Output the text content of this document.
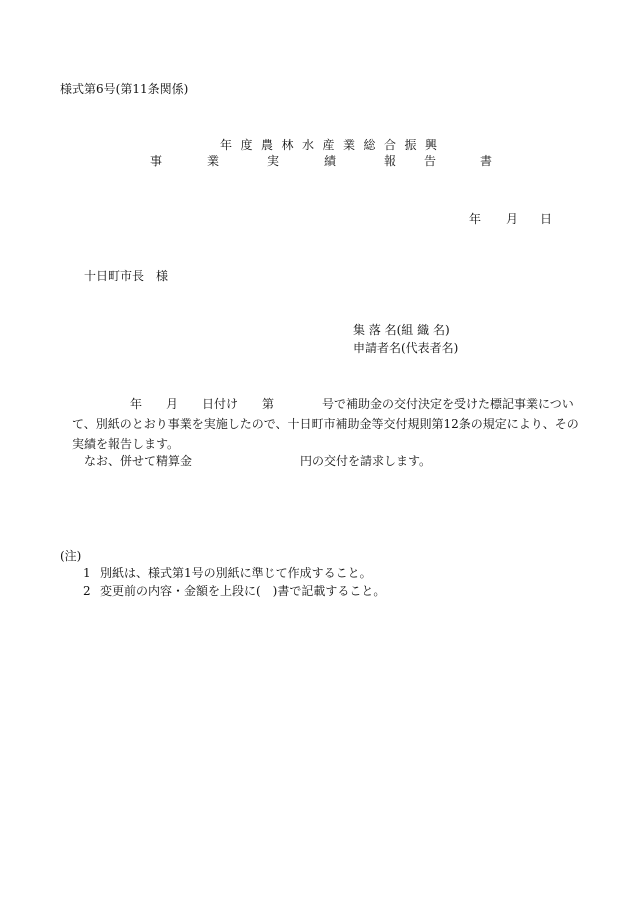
様式第6号(第11条関係)
年度農林水産業総合振興
事	業	実	績	報 告	書
年 月 日
十日町市長　様
集 落 名(組 織 名)
申請者名(代表者名)
年　　月　　日付け　　第　　　　号で補助金の交付決定を受けた標記事業につい
て、別紙のとおり事業を実施したので、十日町市補助金等交付規則第12条の規定により、その
実績を報告します。
なお、併せて精算金　　　　　　　　　円の交付を請求します。
(注)
1 別紙は、様式第1号の別紙に準じて作成すること。
2 変更前の内容・金額を上段に(　)書で記載すること。
